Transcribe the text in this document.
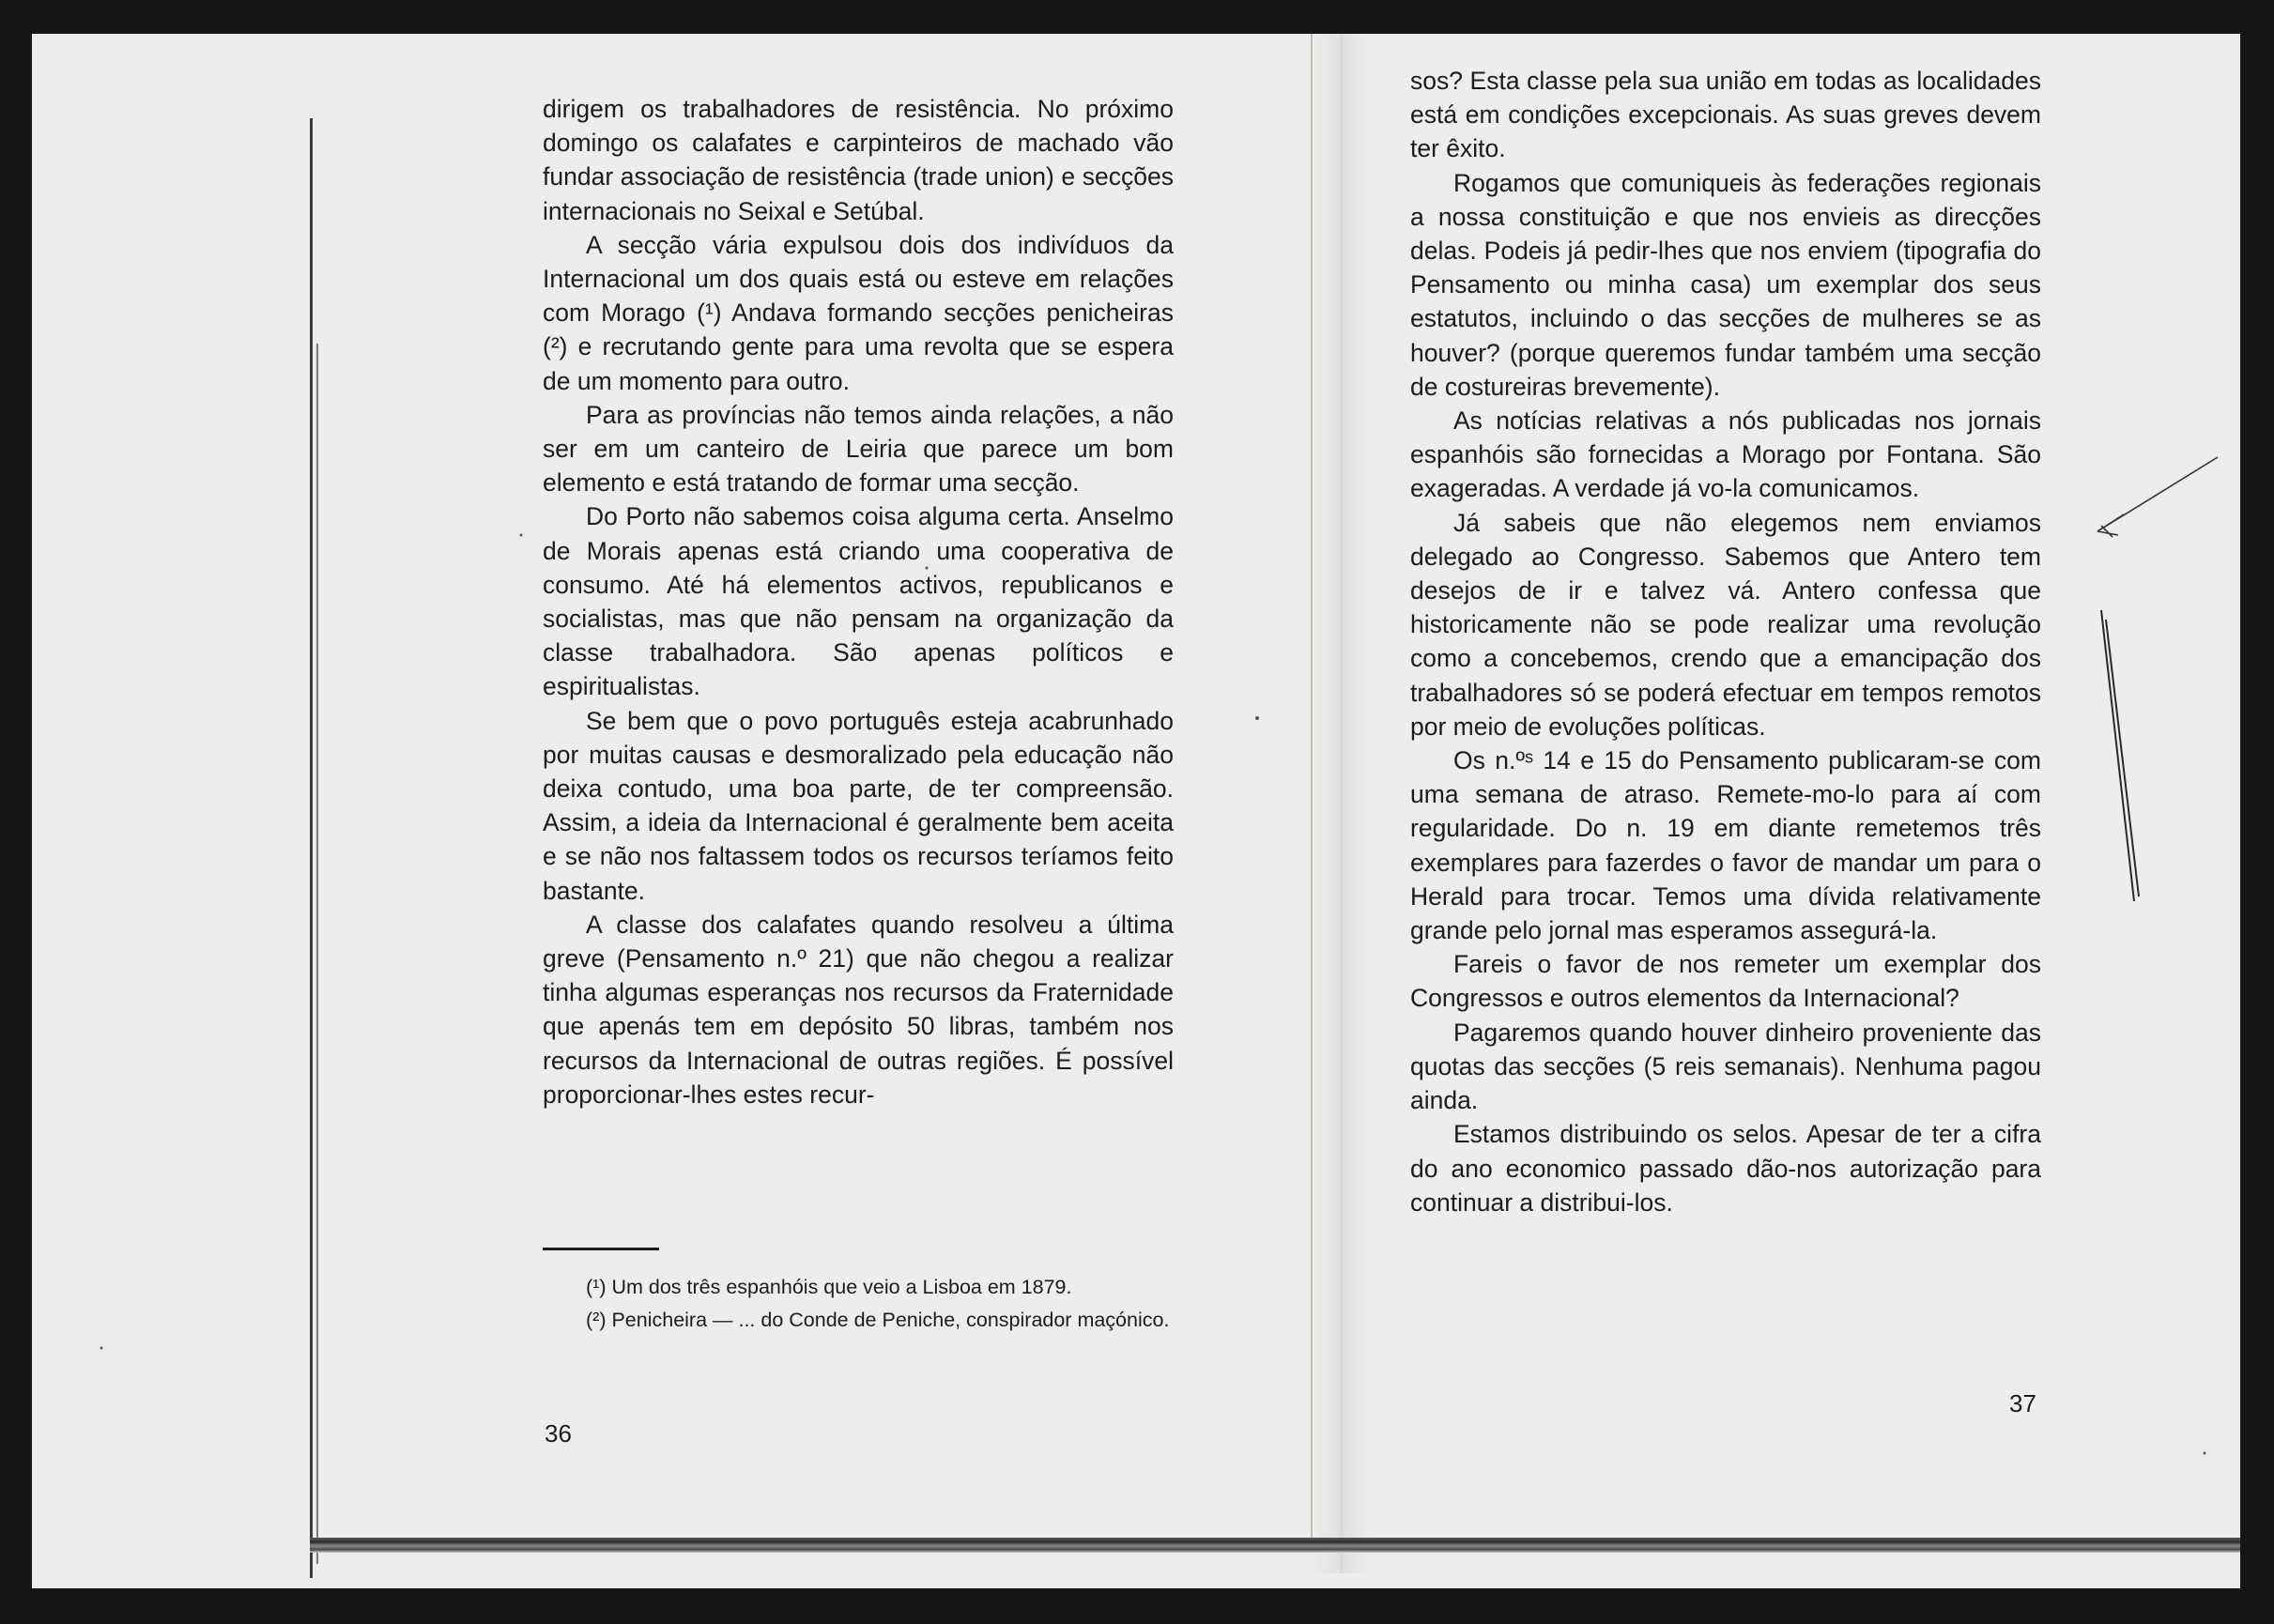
dirigem os trabalhadores de resistência. No próximo domingo os calafates e carpinteiros de machado vão fundar associação de resistência (trade union) e secções internacionais no Seixal e Setúbal.

A secção vária expulsou dois dos indivíduos da Internacional um dos quais está ou esteve em relações com Morago (¹) Andava formando secções penicheiras (²) e recrutando gente para uma revolta que se espera de um momento para outro.

Para as províncias não temos ainda relações, a não ser em um canteiro de Leiria que parece um bom elemento e está tratando de formar uma secção.

Do Porto não sabemos coisa alguma certa. Anselmo de Morais apenas está criando uma cooperativa de consumo. Até há elementos activos, republicanos e socialistas, mas que não pensam na organização da classe trabalhadora. São apenas políticos e espiritualistas.

Se bem que o povo português esteja acabrunhado por muitas causas e desmoralizado pela educação não deixa contudo, uma boa parte, de ter compreensão. Assim, a ideia da Internacional é geralmente bem aceita e se não nos faltassem todos os recursos teríamos feito bastante.

A classe dos calafates quando resolveu a última greve (Pensamento n.º 21) que não chegou a realizar tinha algumas esperanças nos recursos da Fraternidade que apenás tem em depósito 50 libras, também nos recursos da Internacional de outras regiões. É possível proporcionar-lhes estes recur-

(¹) Um dos três espanhóis que veio a Lisboa em 1879.

(²) Penicheira — ... do Conde de Peniche, conspirador maçónico.

36

sos? Esta classe pela sua união em todas as localidades está em condições excepcionais. As suas greves devem ter êxito.

Rogamos que comuniqueis às federações regionais a nossa constituição e que nos envieis as direcções delas. Podeis já pedir-lhes que nos enviem (tipografia do Pensamento ou minha casa) um exemplar dos seus estatutos, incluindo o das secções de mulheres se as houver? (porque queremos fundar também uma secção de costureiras brevemente).

As notícias relativas a nós publicadas nos jornais espanhóis são fornecidas a Morago por Fontana. São exageradas. A verdade já vo-la comunicamos.

Já sabeis que não elegemos nem enviamos delegado ao Congresso. Sabemos que Antero tem desejos de ir e talvez vá. Antero confessa que historicamente não se pode realizar uma revolução como a concebemos, crendo que a emancipação dos trabalhadores só se poderá efectuar em tempos remotos por meio de evoluções políticas.

Os n.ºˢ 14 e 15 do Pensamento publicaram-se com uma semana de atraso. Remete-mo-lo para aí com regularidade. Do n. 19 em diante remetemos três exemplares para fazerdes o favor de mandar um para o Herald para trocar. Temos uma dívida relativamente grande pelo jornal mas esperamos assegurá-la.

Fareis o favor de nos remeter um exemplar dos Congressos e outros elementos da Internacional?

Pagaremos quando houver dinheiro proveniente das quotas das secções (5 reis semanais). Nenhuma pagou ainda.

Estamos distribuindo os selos. Apesar de ter a cifra do ano economico passado dão-nos autorização para continuar a distribui-los.

37
